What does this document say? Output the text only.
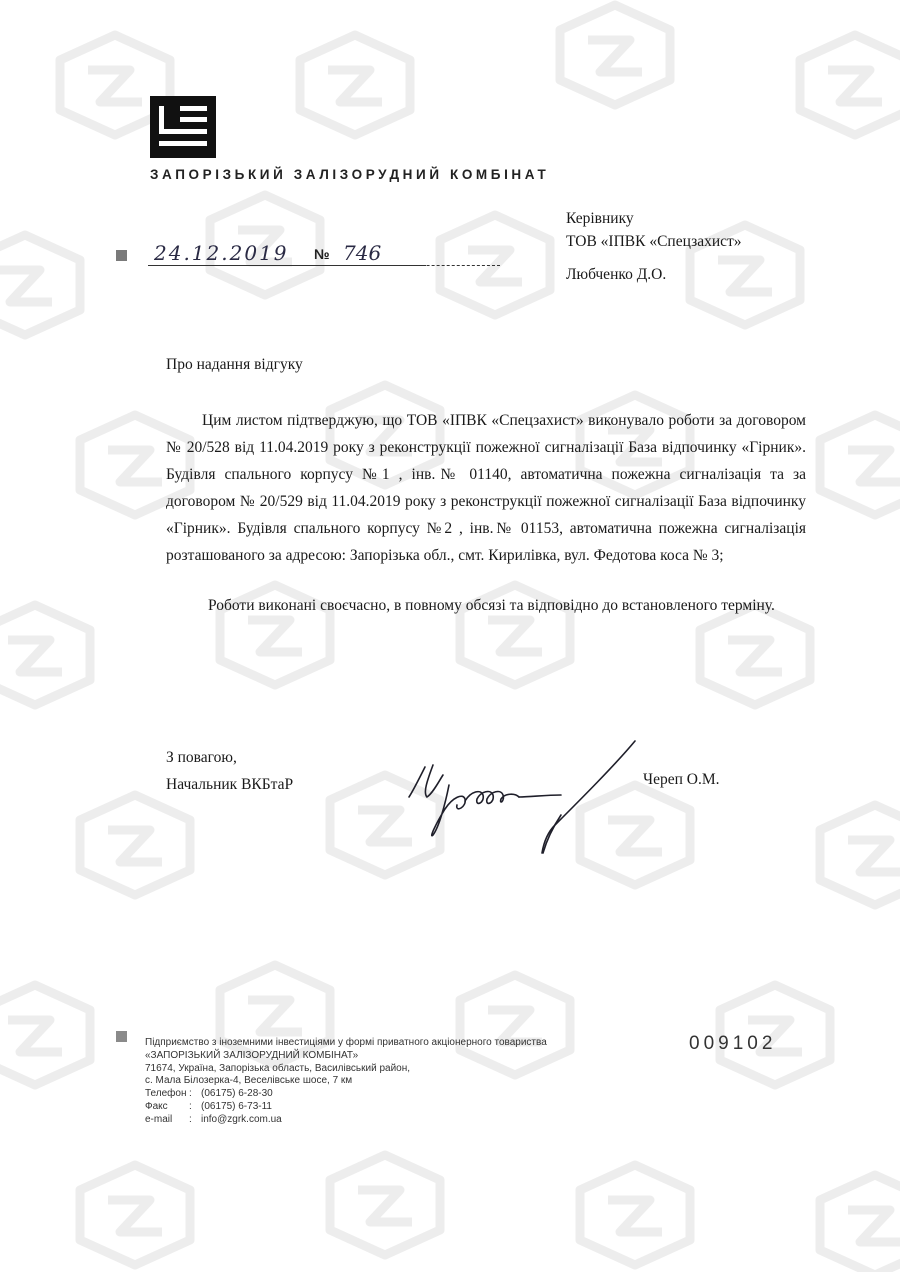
ЗАПОРІЗЬКИЙ ЗАЛІЗОРУДНИЙ КОМБІНАТ
Керівнику
ТОВ «ІПВК «Спецзахист»
Любченко Д.О.
24.12.2019	№ 746
Про надання відгуку

Цим листом підтверджую, що ТОВ «ІПВК «Спецзахист» виконувало роботи за договором № 20/528 від 11.04.2019 року з реконструкції пожежної сигналізації База відпочинку «Гірник». Будівля спального корпусу №1 , інв.№ 01140, автоматична пожежна сигналізація та за договором № 20/529 від 11.04.2019 року з реконструкції пожежної сигналізації База відпочинку «Гірник». Будівля спального корпусу №2 , інв.№ 01153, автоматична пожежна сигналізація розташованого за адресою: Запорізька обл., смт. Кирилівка, вул. Федотова коса № 3;

Роботи виконані своєчасно, в повному обсязі та відповідно до встановленого терміну.

З повагою,
Начальник ВКБтаР	Череп О.М.
Підприємство з іноземними інвестиціями у формі приватного акціонерного товариства
«ЗАПОРІЗЬКИЙ ЗАЛІЗОРУДНИЙ КОМБІНАТ»
71674, Україна, Запорізька область, Василівський район,
с. Мала Білозерка-4, Веселівське шосе, 7 км
Телефон : (06175) 6-28-30
Факс	: (06175) 6-73-11
e-mail	: info@zgrk.com.ua
009102
